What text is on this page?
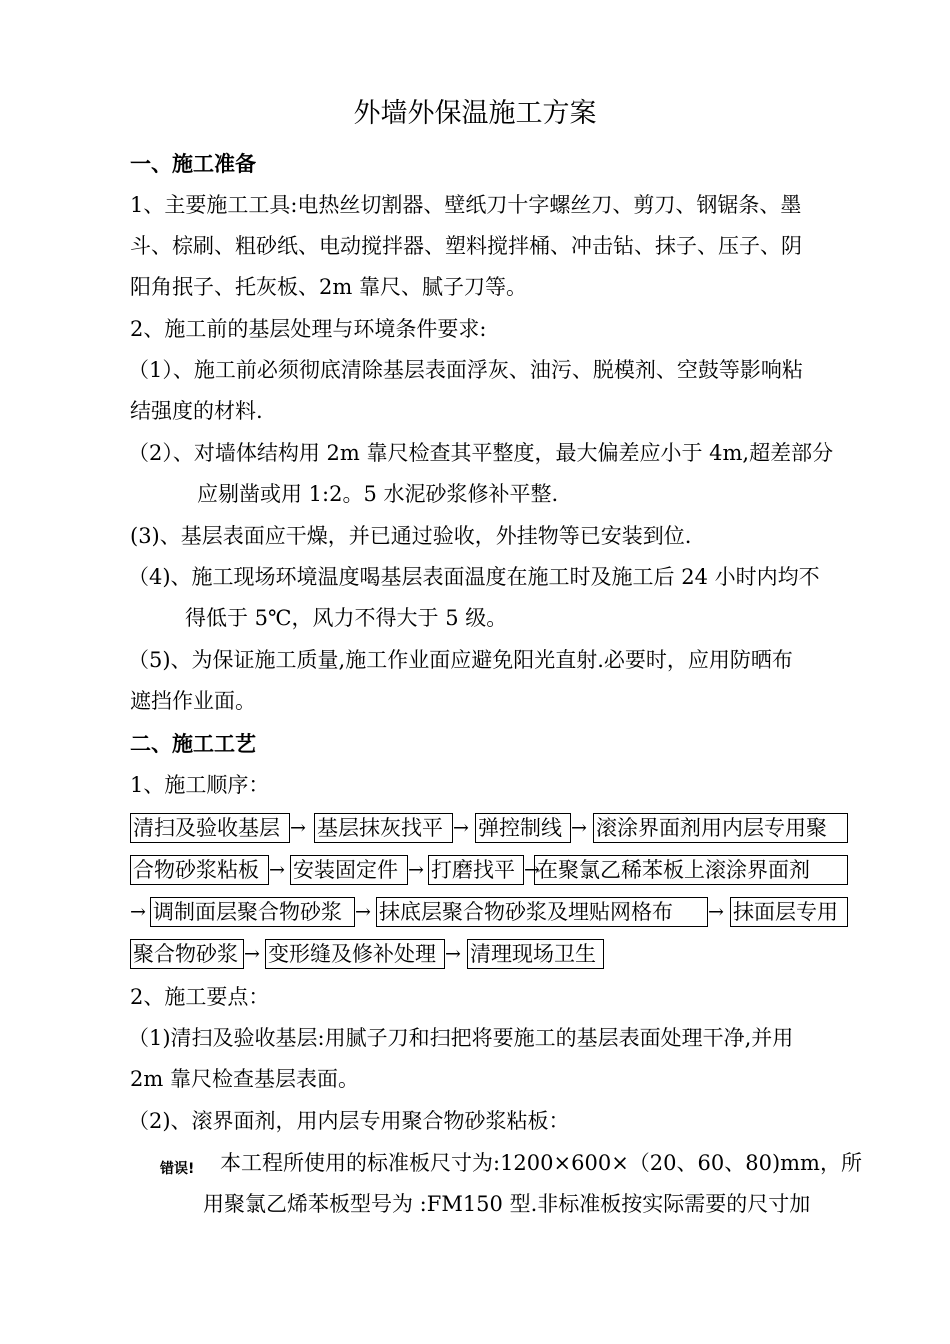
外墙外保温施工方案
一、施工准备
1、主要施工工具:电热丝切割器、壁纸刀十字螺丝刀、剪刀、钢锯条、墨
斗、棕刷、粗砂纸、电动搅拌器、塑料搅拌桶、冲击钻、抹子、压子、阴
阳角抿子、托灰板、2m 靠尺、腻子刀等。
2、施工前的基层处理与环境条件要求:
（1）、施工前必须彻底清除基层表面浮灰、油污、脱模剂、空鼓等影响粘
结强度的材料.
（2）、对墙体结构用 2m 靠尺检查其平整度，最大偏差应小于 4m,超差部分
应剔凿或用 1:2。5 水泥砂浆修补平整.
(3)、基层表面应干燥，并已通过验收，外挂物等已安装到位.
（4)、施工现场环境温度喝基层表面温度在施工时及施工后 24 小时内均不
得低于 5℃，风力不得大于 5 级。
（5)、为保证施工质量,施工作业面应避免阳光直射.必要时，应用防晒布
遮挡作业面。
二、施工工艺
1、施工顺序：
清扫及验收基层 → 基层抹灰找平 → 弹控制线 → 滚涂界面剂用内层专用聚
合物砂浆粘板 → 安装固定件 → 打磨找平 →
在聚氯乙稀苯板上滚涂界面剂
→ 调制面层聚合物砂浆 → 抹底层聚合物砂浆及埋贴网格布	→ 抹面层专用
聚合物砂浆 → 变形缝及修补处理 → 清理现场卫生
2、施工要点：
（1)清扫及验收基层:用腻子刀和扫把将要施工的基层表面处理干净,并用
2m 靠尺检查基层表面。
（2)、滚界面剂，用内层专用聚合物砂浆粘板：
错误! 本工程所使用的标准板尺寸为:1200×600×（20、60、80)mm，所
用聚氯乙烯苯板型号为 :FM150 型.非标准板按实际需要的尺寸加
